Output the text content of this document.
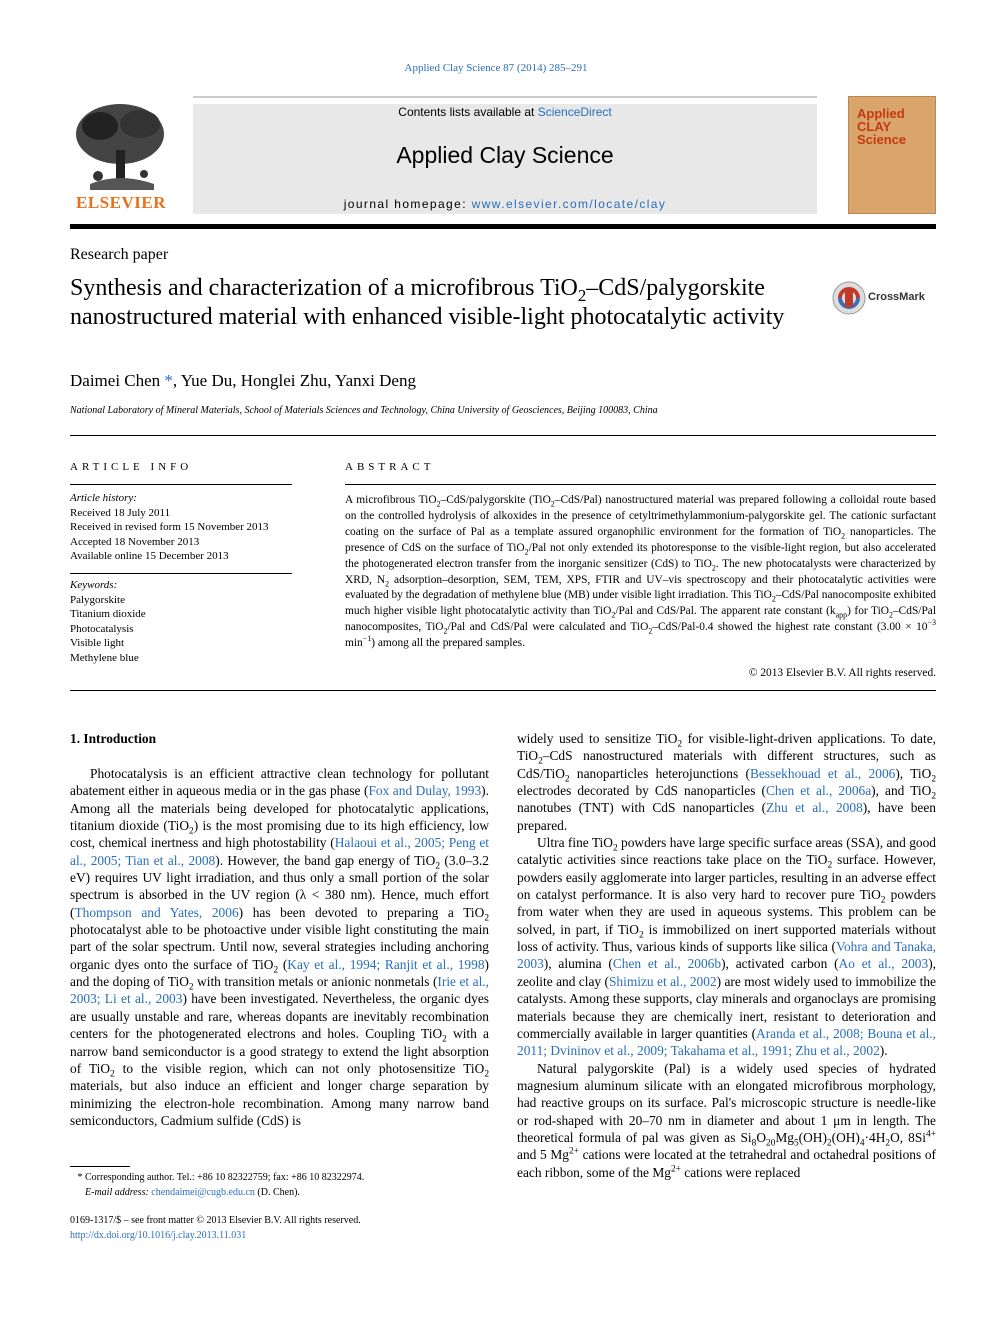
Applied Clay Science 87 (2014) 285–291
ELSEVIER
Contents lists available at ScienceDirect
Applied Clay Science
journal homepage: www.elsevier.com/locate/clay
Applied CLAY Science
Research paper
Synthesis and characterization of a microfibrous TiO$_2$–CdS/palygorskite nanostructured material with enhanced visible-light photocatalytic activity
CrossMark
Daimei Chen *, Yue Du, Honglei Zhu, Yanxi Deng
National Laboratory of Mineral Materials, School of Materials Sciences and Technology, China University of Geosciences, Beijing 100083, China
ARTICLE INFO
Article history:
Received 18 July 2011
Received in revised form 15 November 2013
Accepted 18 November 2013
Available online 15 December 2013
Keywords:
Palygorskite
Titanium dioxide
Photocatalysis
Visible light
Methylene blue
ABSTRACT
A microfibrous TiO$_2$–CdS/palygorskite (TiO$_2$–CdS/Pal) nanostructured material was prepared following a colloidal route based on the controlled hydrolysis of alkoxides in the presence of cetyltrimethylammonium-palygorskite gel. The cationic surfactant coating on the surface of Pal as a template assured organophilic environment for the formation of TiO$_2$ nanoparticles. The presence of CdS on the surface of TiO$_2$/Pal not only extended its photoresponse to the visible-light region, but also accelerated the photogenerated electron transfer from the inorganic sensitizer (CdS) to TiO$_2$. The new photocatalysts were characterized by XRD, $N_2$ adsorption–desorption, SEM, TEM, XPS, FTIR and UV–vis spectroscopy and their photocatalytic activities were evaluated by the degradation of methylene blue (MB) under visible light irradiation. This TiO$_2$–CdS/Pal nanocomposite exhibited much higher visible light photocatalytic activity than TiO$_2$/Pal and CdS/Pal. The apparent rate constant $(k_{app})$ for TiO$_2$–CdS/Pal nanocomposites, TiO$_2$/Pal and CdS/Pal were calculated and TiO$_2$–CdS/Pal-0.4 showed the highest rate constant ($3.00 \times 10^{-3}$ $\min^{-1}$) among all the prepared samples.
© 2013 Elsevier B.V. All rights reserved.
1. Introduction

Photocatalysis is an efficient attractive clean technology for pollutant abatement either in aqueous media or in the gas phase (Fox and Dulay, 1993). Among all the materials being developed for photocatalytic applications, titanium dioxide (TiO$_2$) is the most promising due to its high efficiency, low cost, chemical inertness and high photostability (Halaoui et al., 2005; Peng et al., 2005; Tian et al., 2008). However, the band gap energy of TiO$_2$ (3.0–3.2 eV) requires UV light irradiation, and thus only a small portion of the solar spectrum is absorbed in the UV region (λ < 380 nm). Hence, much effort (Thompson and Yates, 2006) has been devoted to preparing a TiO$_2$ photocatalyst able to be photoactive under visible light constituting the main part of the solar spectrum. Until now, several strategies including anchoring organic dyes onto the surface of TiO$_2$ (Kay et al., 1994; Ranjit et al., 1998) and the doping of TiO$_2$ with transition metals or anionic nonmetals (Irie et al., 2003; Li et al., 2003) have been investigated. Nevertheless, the organic dyes are usually unstable and rare, whereas dopants are inevitably recombination centers for the photogenerated electrons and holes. Coupling TiO$_2$ with a narrow band semiconductor is a good strategy to extend the light absorption of TiO$_2$ to the visible region, which can not only photosensitize TiO$_2$ materials, but also induce an efficient and longer charge separation by minimizing the electron-hole recombination. Among many narrow band semiconductors, Cadmium sulfide (CdS) is

widely used to sensitize TiO$_2$ for visible-light-driven applications. To date, TiO$_2$–CdS nanostructured materials with different structures, such as CdS/TiO$_2$ nanoparticles heterojunctions (Bessekhouad et al., 2006), TiO$_2$ electrodes decorated by CdS nanoparticles (Chen et al., 2006a), and TiO$_2$ nanotubes (TNT) with CdS nanoparticles (Zhu et al., 2008), have been prepared.

Ultra fine TiO$_2$ powders have large specific surface areas (SSA), and good catalytic activities since reactions take place on the TiO$_2$ surface. However, powders easily agglomerate into larger particles, resulting in an adverse effect on catalyst performance. It is also very hard to recover pure TiO$_2$ powders from water when they are used in aqueous systems. This problem can be solved, in part, if TiO$_2$ is immobilized on inert supported materials without loss of activity. Thus, various kinds of supports like silica (Vohra and Tanaka, 2003), alumina (Chen et al., 2006b), activated carbon (Ao et al., 2003), zeolite and clay (Shimizu et al., 2002) are most widely used to immobilize the catalysts. Among these supports, clay minerals and organoclays are promising materials because they are chemically inert, resistant to deterioration and commercially available in larger quantities (Aranda et al., 2008; Bouna et al., 2011; Dvininov et al., 2009; Takahama et al., 1991; Zhu et al., 2002).

Natural palygorskite (Pal) is a widely used species of hydrated magnesium aluminum silicate with an elongated microfibrous morphology, had reactive groups on its surface. Pal's microscopic structure is needle-like or rod-shaped with 20–70 nm in diameter and about 1 μm in length. The theoretical formula of pal was given as $Si_8O_{20}Mg_5(OH)_2(OH)_4\cdot 4H_2O$, $8Si^{4+}$ and 5 $Mg^{2+}$ cations were located at the tetrahedral and octahedral positions of each ribbon, some of the $Mg^{2+}$ cations were replaced

* Corresponding author. Tel.: +86 10 82322759; fax: +86 10 82322974.
E-mail address: chendaimei@cugb.edu.cn (D. Chen).
0169-1317/$ – see front matter © 2013 Elsevier B.V. All rights reserved.
http://dx.doi.org/10.1016/j.clay.2013.11.031
